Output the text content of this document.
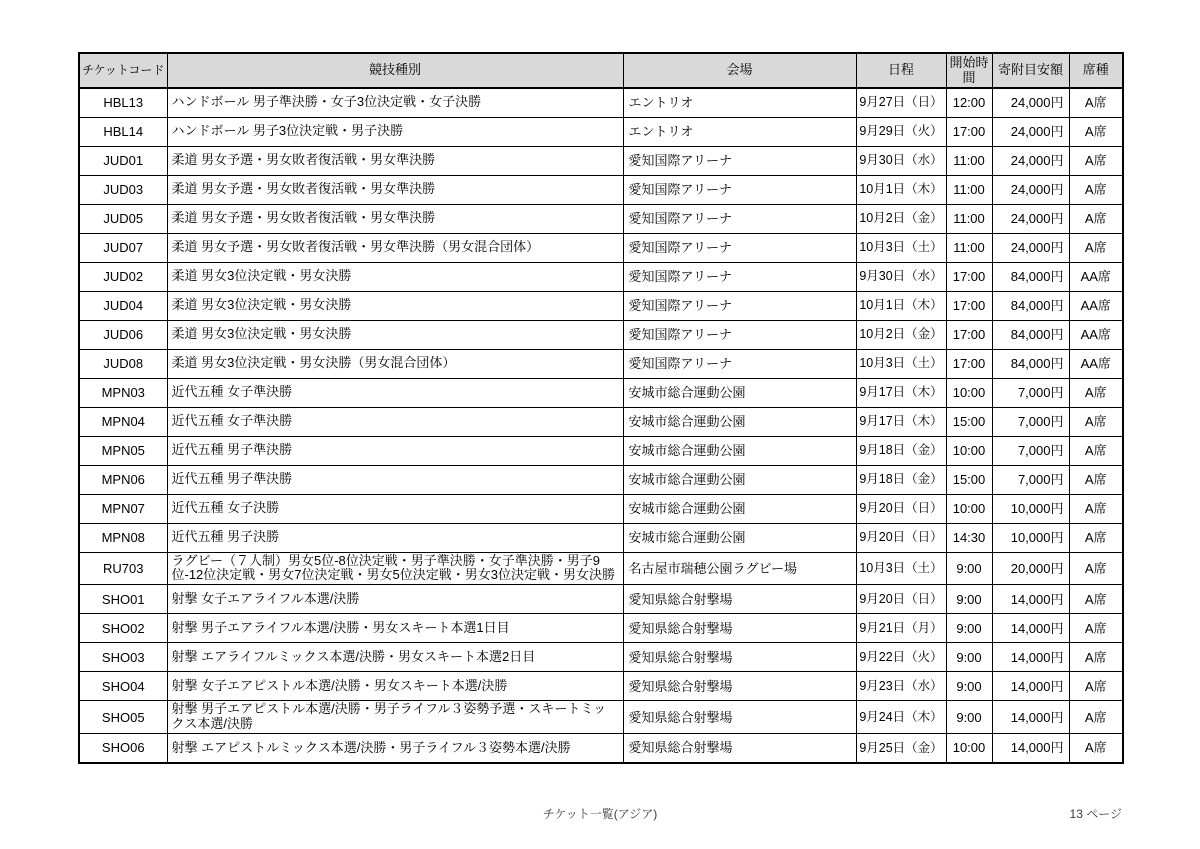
チケットコード	競技種別	会場	日程	開始時間	寄附目安額	席種
HBL13	ハンドボール 男子準決勝・女子3位決定戦・女子決勝	エントリオ	9月27日（日）	12:00	24,000円	A席
HBL14	ハンドボール 男子3位決定戦・男子決勝	エントリオ	9月29日（火）	17:00	24,000円	A席
JUD01	柔道 男女予選・男女敗者復活戦・男女準決勝	愛知国際アリーナ	9月30日（水）	11:00	24,000円	A席
JUD03	柔道 男女予選・男女敗者復活戦・男女準決勝	愛知国際アリーナ	10月1日（木）	11:00	24,000円	A席
JUD05	柔道 男女予選・男女敗者復活戦・男女準決勝	愛知国際アリーナ	10月2日（金）	11:00	24,000円	A席
JUD07	柔道 男女予選・男女敗者復活戦・男女準決勝（男女混合団体）	愛知国際アリーナ	10月3日（土）	11:00	24,000円	A席
JUD02	柔道 男女3位決定戦・男女決勝	愛知国際アリーナ	9月30日（水）	17:00	84,000円	AA席
JUD04	柔道 男女3位決定戦・男女決勝	愛知国際アリーナ	10月1日（木）	17:00	84,000円	AA席
JUD06	柔道 男女3位決定戦・男女決勝	愛知国際アリーナ	10月2日（金）	17:00	84,000円	AA席
JUD08	柔道 男女3位決定戦・男女決勝（男女混合団体）	愛知国際アリーナ	10月3日（土）	17:00	84,000円	AA席
MPN03	近代五種 女子準決勝	安城市総合運動公園	9月17日（木）	10:00	7,000円	A席
MPN04	近代五種 女子準決勝	安城市総合運動公園	9月17日（木）	15:00	7,000円	A席
MPN05	近代五種 男子準決勝	安城市総合運動公園	9月18日（金）	10:00	7,000円	A席
MPN06	近代五種 男子準決勝	安城市総合運動公園	9月18日（金）	15:00	7,000円	A席
MPN07	近代五種 女子決勝	安城市総合運動公園	9月20日（日）	10:00	10,000円	A席
MPN08	近代五種 男子決勝	安城市総合運動公園	9月20日（日）	14:30	10,000円	A席
RU703	ラグビー（７人制）男女5位-8位決定戦・男子準決勝・女子準決勝・男子9位-12位決定戦・男女7位決定戦・男女5位決定戦・男女3位決定戦・男女決勝	名古屋市瑞穂公園ラグビー場	10月3日（土）	9:00	20,000円	A席
SHO01	射撃 女子エアライフル本選/決勝	愛知県総合射撃場	9月20日（日）	9:00	14,000円	A席
SHO02	射撃 男子エアライフル本選/決勝・男女スキート本選1日目	愛知県総合射撃場	9月21日（月）	9:00	14,000円	A席
SHO03	射撃 エアライフルミックス本選/決勝・男女スキート本選2日目	愛知県総合射撃場	9月22日（火）	9:00	14,000円	A席
SHO04	射撃 女子エアピストル本選/決勝・男女スキート本選/決勝	愛知県総合射撃場	9月23日（水）	9:00	14,000円	A席
SHO05	射撃 男子エアピストル本選/決勝・男子ライフル３姿勢予選・スキートミックス本選/決勝	愛知県総合射撃場	9月24日（木）	9:00	14,000円	A席
SHO06	射撃 エアピストルミックス本選/決勝・男子ライフル３姿勢本選/決勝	愛知県総合射撃場	9月25日（金）	10:00	14,000円	A席
チケット一覧(アジア)	13 ページ
